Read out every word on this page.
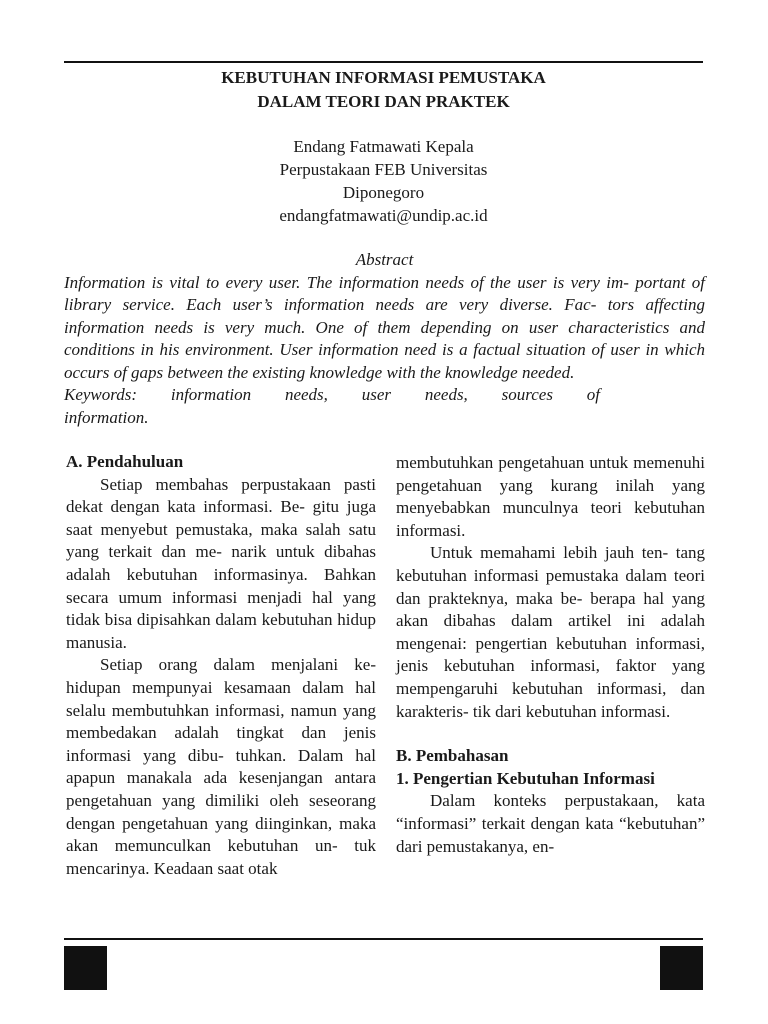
KEBUTUHAN INFORMASI PEMUSTAKA
DALAM TEORI DAN PRAKTEK
Endang Fatmawati Kepala
Perpustakaan FEB Universitas
Diponegoro
endangfatmawati@undip.ac.id
Abstract
Information is vital to every user. The information needs of the user is very im- portant of library service. Each user’s information needs are very diverse. Fac- tors affecting information needs is very much. One of them depending on user characteristics and conditions in his environment. User information need is a factual situation of user in which occurs of gaps between the existing knowledge with the knowledge needed.
Keywords: information needs, user needs, sources of
information.
A. Pendahuluan

Setiap membahas perpustakaan pasti dekat dengan kata informasi. Be- gitu juga saat menyebut pemustaka, maka salah satu yang terkait dan me- narik untuk dibahas adalah kebutuhan informasinya. Bahkan secara umum informasi menjadi hal yang tidak bisa dipisahkan dalam kebutuhan hidup manusia.

Setiap orang dalam menjalani ke- hidupan mempunyai kesamaan dalam hal selalu membutuhkan informasi, namun yang membedakan adalah tingkat dan jenis informasi yang dibu- tuhkan. Dalam hal apapun manakala ada kesenjangan antara pengetahuan yang dimiliki oleh seseorang dengan pengetahuan yang diinginkan, maka akan memunculkan kebutuhan un- tuk mencarinya. Keadaan saat otak

membutuhkan pengetahuan untuk memenuhi pengetahuan yang kurang inilah yang menyebabkan munculnya teori kebutuhan informasi.

Untuk memahami lebih jauh ten- tang kebutuhan informasi pemustaka dalam teori dan prakteknya, maka be- berapa hal yang akan dibahas dalam artikel ini adalah mengenai: pengertian kebutuhan informasi, jenis kebutuhan informasi, faktor yang mempengaruhi kebutuhan informasi, dan karakteris- tik dari kebutuhan informasi.

B. Pembahasan
1. Pengertian Kebutuhan Informasi

Dalam konteks perpustakaan, kata “informasi” terkait dengan kata “kebutuhan” dari pemustakanya, en-
